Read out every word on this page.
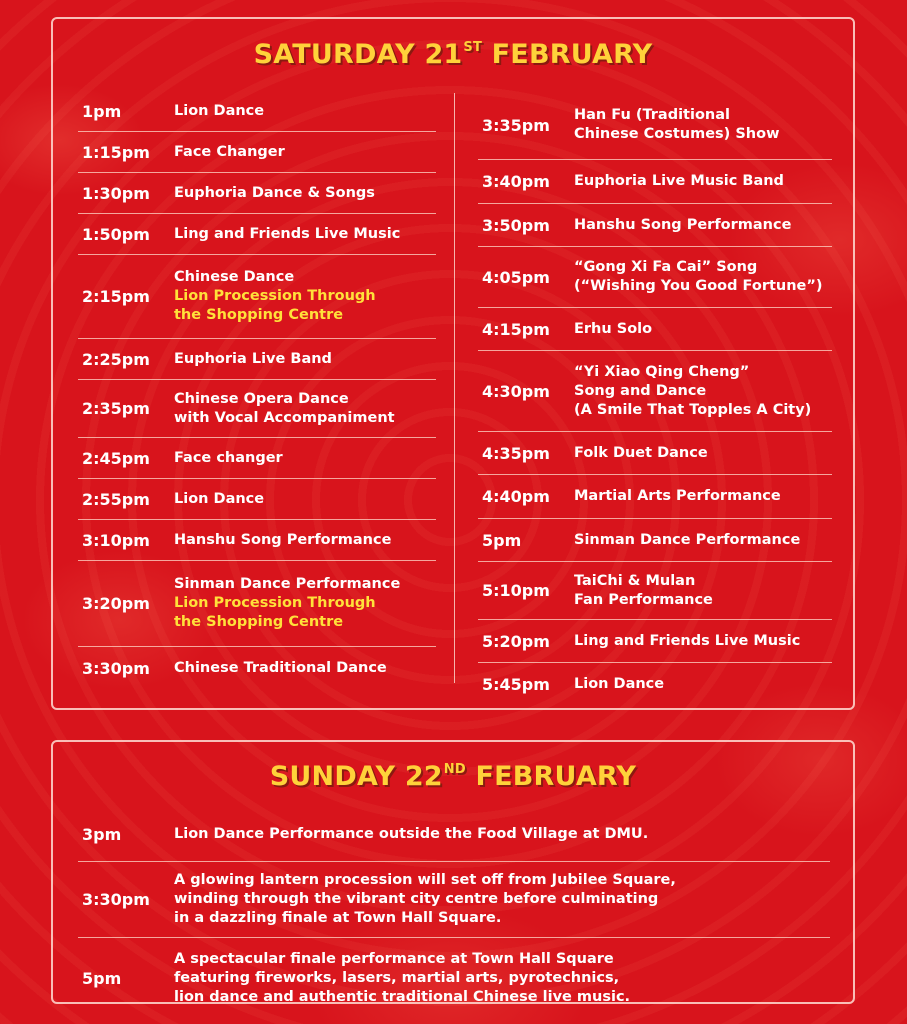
SATURDAY 21ST FEBRUARY
1pm	Lion Dance
1:15pm	Face Changer
1:30pm	Euphoria Dance & Songs
1:50pm	Ling and Friends Live Music
2:15pm
Chinese Dance
Lion Procession Through
the Shopping Centre
2:25pm	Euphoria Live Band
2:35pm
Chinese Opera Dance
with Vocal Accompaniment
2:45pm	Face changer
2:55pm	Lion Dance
3:10pm	Hanshu Song Performance
3:20pm
Sinman Dance Performance
Lion Procession Through
the Shopping Centre
3:30pm	Chinese Traditional Dance
3:35pm
Han Fu (Traditional
Chinese Costumes) Show
3:40pm	Euphoria Live Music Band
3:50pm	Hanshu Song Performance
4:05pm
“Gong Xi Fa Cai” Song
(“Wishing You Good Fortune”)
4:15pm	Erhu Solo
4:30pm
“Yi Xiao Qing Cheng”
Song and Dance
(A Smile That Topples A City)
4:35pm	Folk Duet Dance
4:40pm	Martial Arts Performance
5pm	Sinman Dance Performance
5:10pm
TaiChi & Mulan
Fan Performance
5:20pm	Ling and Friends Live Music
5:45pm	Lion Dance
SUNDAY 22ND FEBRUARY
3pm	Lion Dance Performance outside the Food Village at DMU.
3:30pm
A glowing lantern procession will set off from Jubilee Square,
winding through the vibrant city centre before culminating
in a dazzling finale at Town Hall Square.
5pm
A spectacular finale performance at Town Hall Square
featuring fireworks, lasers, martial arts, pyrotechnics,
lion dance and authentic traditional Chinese live music.
